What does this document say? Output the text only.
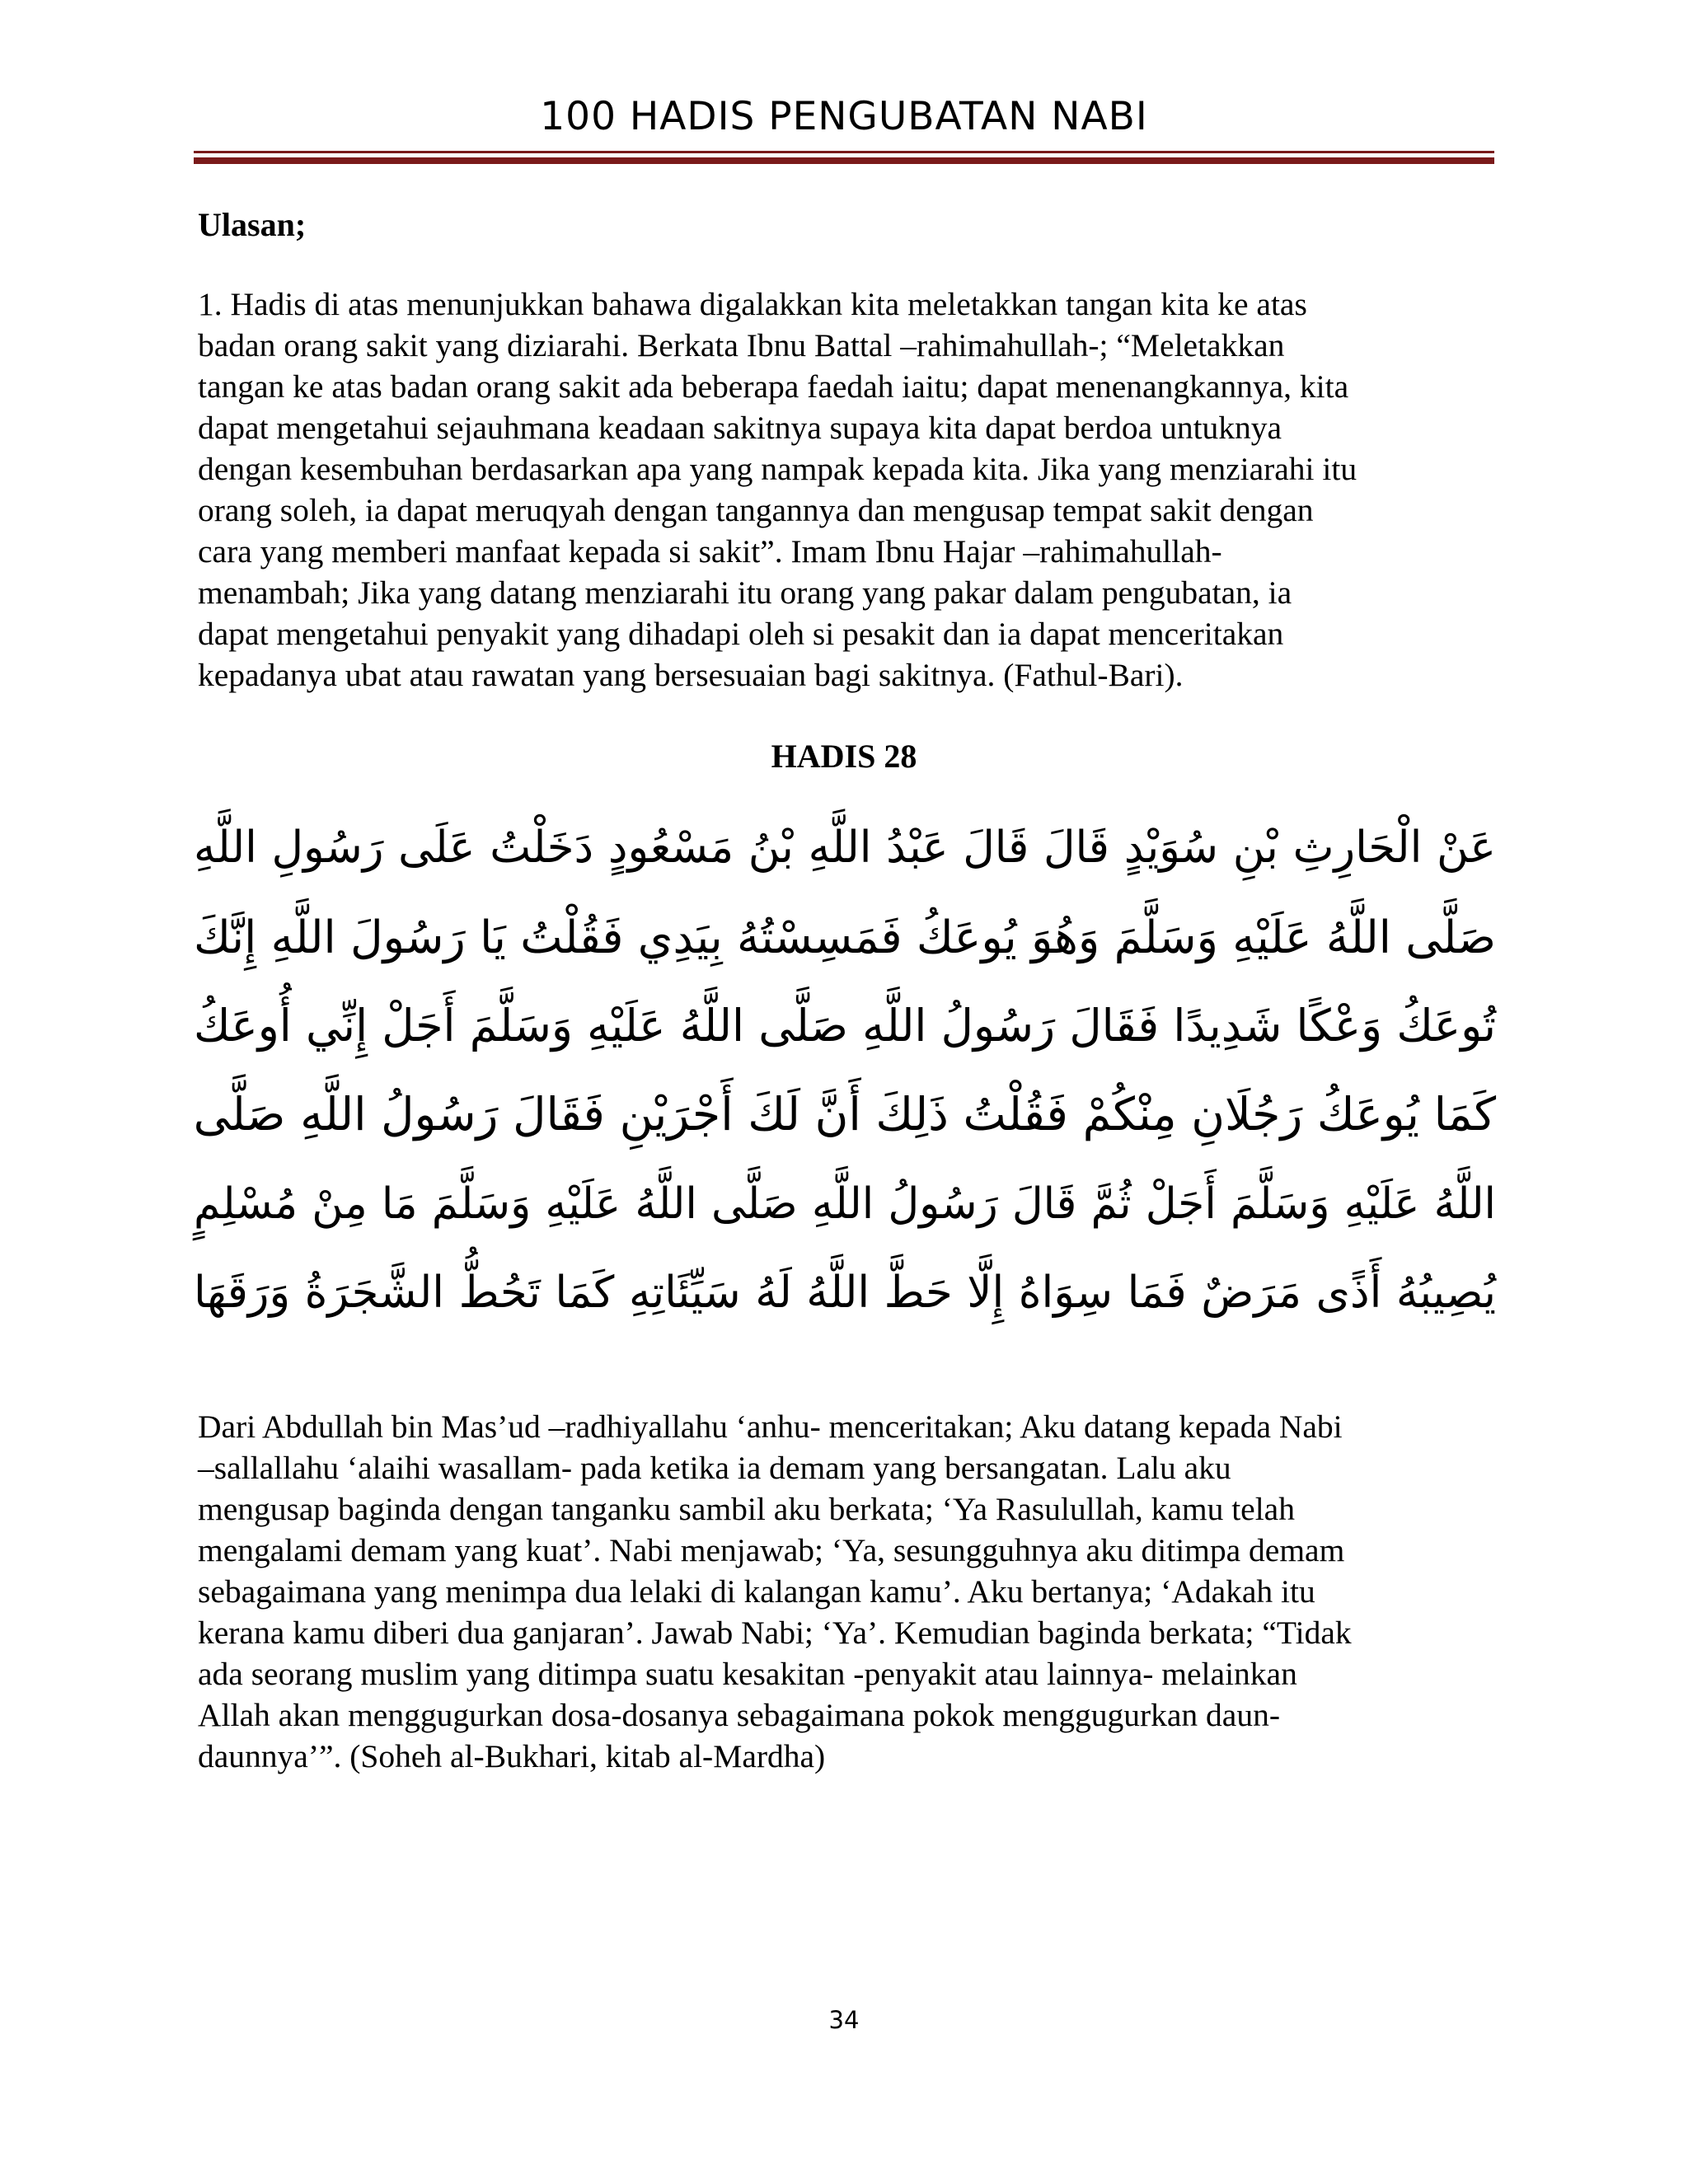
100 HADIS PENGUBATAN NABI
Ulasan;
1. Hadis di atas menunjukkan bahawa digalakkan kita meletakkan tangan kita ke atas
badan orang sakit yang diziarahi. Berkata Ibnu Battal –rahimahullah-; “Meletakkan
tangan ke atas badan orang sakit ada beberapa faedah iaitu; dapat menenangkannya, kita
dapat mengetahui sejauhmana keadaan sakitnya supaya kita dapat berdoa untuknya
dengan kesembuhan berdasarkan apa yang nampak kepada kita. Jika yang menziarahi itu
orang soleh, ia dapat meruqyah dengan tangannya dan mengusap tempat sakit dengan
cara yang memberi manfaat kepada si sakit”. Imam Ibnu Hajar –rahimahullah-
menambah; Jika yang datang menziarahi itu orang yang pakar dalam pengubatan, ia
dapat mengetahui penyakit yang dihadapi oleh si pesakit dan ia dapat menceritakan
kepadanya ubat atau rawatan yang bersesuaian bagi sakitnya. (Fathul-Bari).
HADIS 28
عَنْ الْحَارِثِ بْنِ سُوَيْدٍ قَالَ قَالَ عَبْدُ اللَّهِ بْنُ مَسْعُودٍ دَخَلْتُ عَلَى رَسُولِ اللَّهِ
صَلَّى اللَّهُ عَلَيْهِ وَسَلَّمَ وَهُوَ يُوعَكُ فَمَسِسْتُهُ بِيَدِي فَقُلْتُ يَا رَسُولَ اللَّهِ إِنَّكَ
تُوعَكُ وَعْكًا شَدِيدًا فَقَالَ رَسُولُ اللَّهِ صَلَّى اللَّهُ عَلَيْهِ وَسَلَّمَ أَجَلْ إِنِّي أُوعَكُ
كَمَا يُوعَكُ رَجُلَانِ مِنْكُمْ فَقُلْتُ ذَلِكَ أَنَّ لَكَ أَجْرَيْنِ فَقَالَ رَسُولُ اللَّهِ صَلَّى
اللَّهُ عَلَيْهِ وَسَلَّمَ أَجَلْ ثُمَّ قَالَ رَسُولُ اللَّهِ صَلَّى اللَّهُ عَلَيْهِ وَسَلَّمَ مَا مِنْ مُسْلِمٍ
يُصِيبُهُ أَذًى مَرَضٌ فَمَا سِوَاهُ إِلَّا حَطَّ اللَّهُ لَهُ سَيِّئَاتِهِ كَمَا تَحُطُّ الشَّجَرَةُ وَرَقَهَا
Dari Abdullah bin Mas’ud –radhiyallahu ‘anhu- menceritakan; Aku datang kepada Nabi
–sallallahu ‘alaihi wasallam- pada ketika ia demam yang bersangatan. Lalu aku
mengusap baginda dengan tanganku sambil aku berkata; ‘Ya Rasulullah, kamu telah
mengalami demam yang kuat’. Nabi menjawab; ‘Ya, sesungguhnya aku ditimpa demam
sebagaimana yang menimpa dua lelaki di kalangan kamu’. Aku bertanya; ‘Adakah itu
kerana kamu diberi dua ganjaran’. Jawab Nabi; ‘Ya’. Kemudian baginda berkata; “Tidak
ada seorang muslim yang ditimpa suatu kesakitan -penyakit atau lainnya- melainkan
Allah akan menggugurkan dosa-dosanya sebagaimana pokok menggugurkan daun-
daunnya’”. (Soheh al-Bukhari, kitab al-Mardha)
34
